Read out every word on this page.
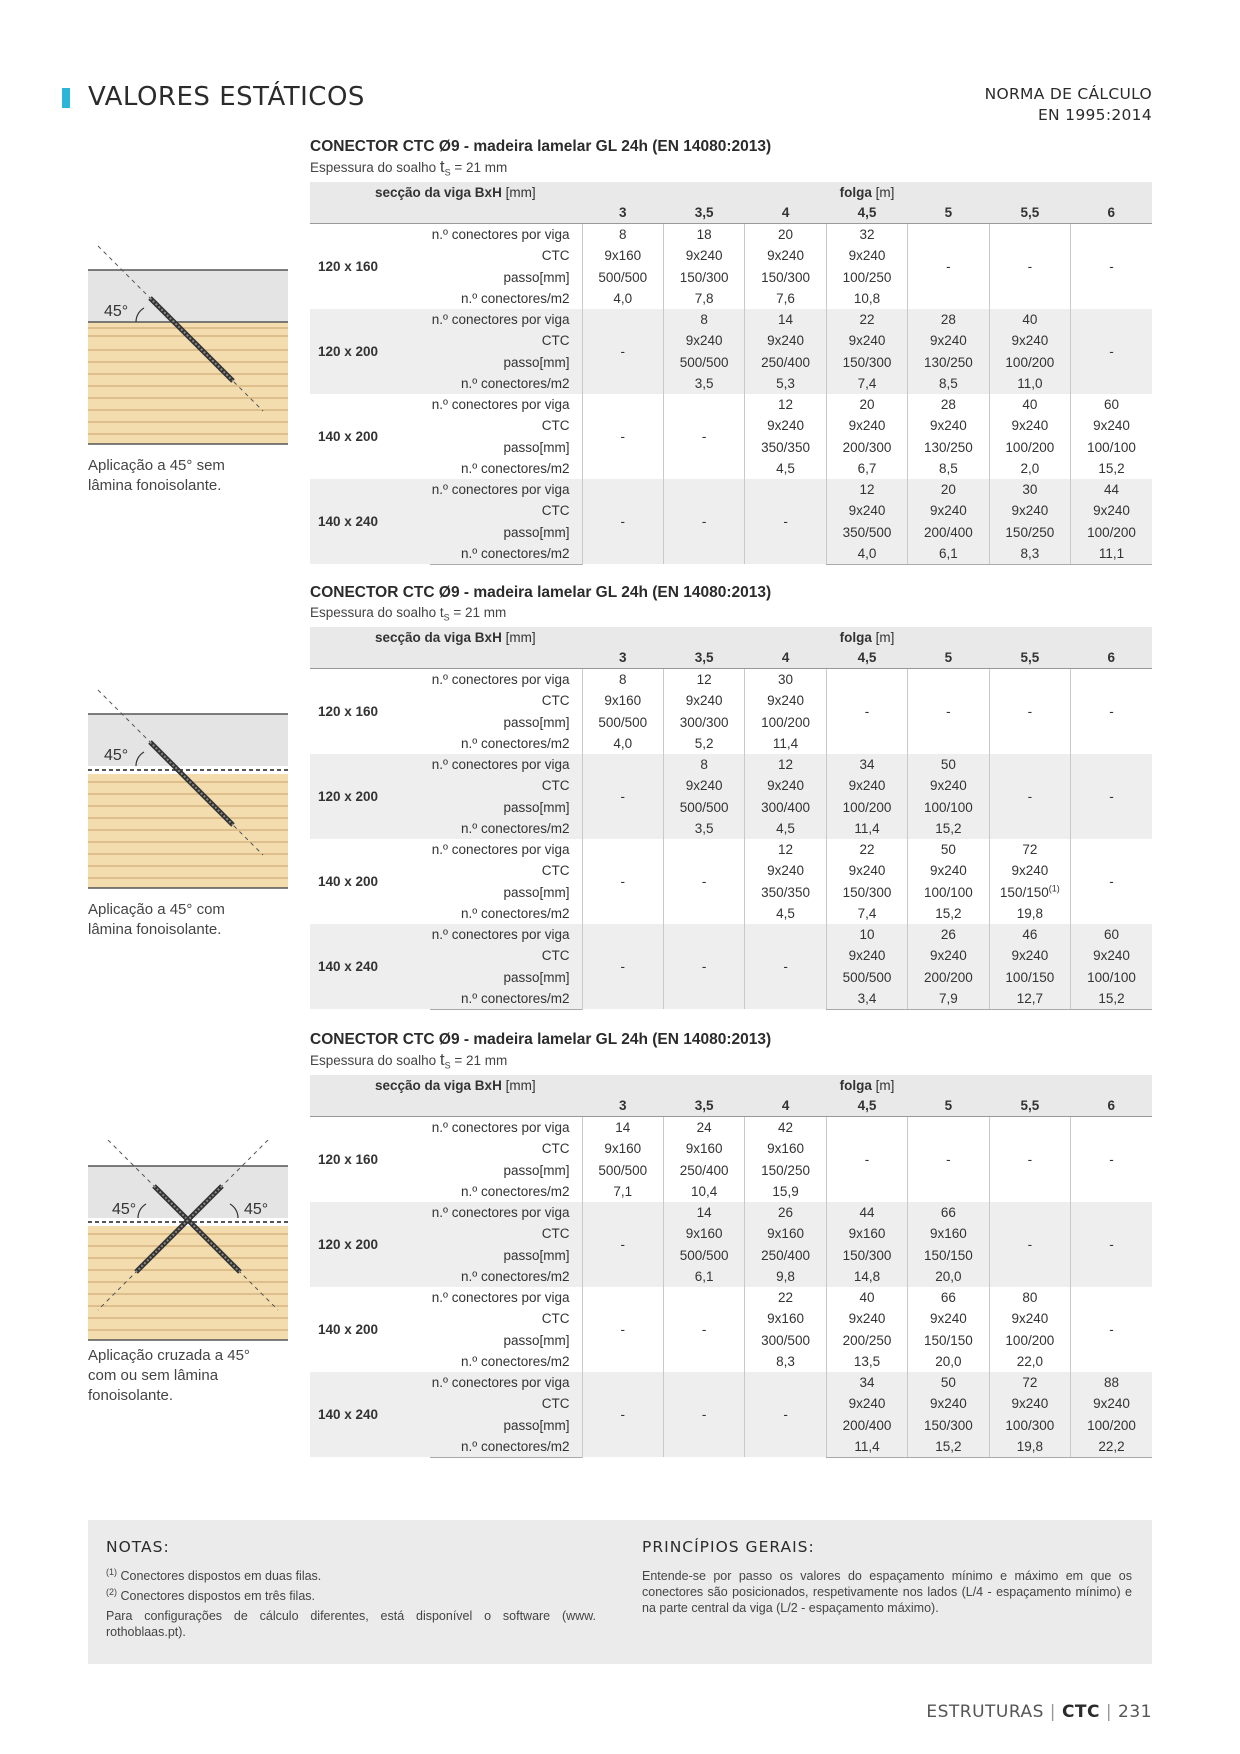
VALORES ESTÁTICOS	NORMA DE CÁLCULO
EN 1995:2014
45°
Aplicação a 45° sem lâmina fonoisolante.
45°
Aplicação a 45° com lâmina fonoisolante.
45°	45°
Aplicação cruzada a 45° com ou sem lâmina fonoisolante.
CONECTOR CTC Ø9 - madeira lamelar GL 24h (EN 14080:2013)
Espessura do soalho $t_S = 21$ mm
secção da viga BxH [mm]		folga [m]						
		3	3,5	4	4,5	5	5,5	6
120 x 160	n.º conectores por viga	8	18	20	32	-	-	-
	CTC	9x160	9x240	9x240	9x240			
	passo[mm]	500/500	150/300	150/300	100/250			
	n.º conectores/m2	4,0	7,8	7,6	10,8			
120 x 200	n.º conectores por viga	-	8	14	22	28	40	-
	CTC		9x240	9x240	9x240	9x240	9x240	
	passo[mm]		500/500	250/400	150/300	130/250	100/200	
	n.º conectores/m2		3,5	5,3	7,4	8,5	11,0	
140 x 200	n.º conectores por viga	-	-	12	20	28	40	60
	CTC			9x240	9x240	9x240	9x240	9x240
	passo[mm]			350/350	200/300	130/250	100/200	100/100
	n.º conectores/m2			4,5	6,7	8,5	2,0	15,2
140 x 240	n.º conectores por viga	-	-	-	12	20	30	44
	CTC				9x240	9x240	9x240	9x240
	passo[mm]				350/500	200/400	150/250	100/200
	n.º conectores/m2				4,0	6,1	8,3	11,1
CONECTOR CTC Ø9 - madeira lamelar GL 24h (EN 14080:2013)
Espessura do soalho $t_S = 21$ mm
secção da viga BxH [mm]		folga [m]						
		3	3,5	4	4,5	5	5,5	6
120 x 160	n.º conectores por viga	8	12	30	-	-	-	-
	CTC	9x160	9x240	9x240				
	passo[mm]	500/500	300/300	100/200				
	n.º conectores/m2	4,0	5,2	11,4				
120 x 200	n.º conectores por viga	-	8	12	34	50	-	-
	CTC		9x240	9x240	9x240	9x240		
	passo[mm]		500/500	300/400	100/200	100/100		
	n.º conectores/m2		3,5	4,5	11,4	15,2		
140 x 200	n.º conectores por viga	-	-	12	22	50	72	-
	CTC			9x240	9x240	9x240	9x240	
	passo[mm]			350/350	150/300	100/100	150/150$^{(1)}$
	n.º conectores/m2			4,5	7,4	15,2	19,8	
140 x 240	n.º conectores por viga	-	-	-	10	26	46	60
	CTC				9x240	9x240	9x240	9x240
	passo[mm]				500/500	200/200	100/150	100/100
	n.º conectores/m2				3,4	7,9	12,7	15,2
CONECTOR CTC Ø9 - madeira lamelar GL 24h (EN 14080:2013)
Espessura do soalho $t_S = 21$ mm
secção da viga BxH [mm]		folga [m]						
		3	3,5	4	4,5	5	5,5	6
120 x 160	n.º conectores por viga	14	24	42	-	-	-	-
	CTC	9x160	9x160	9x160				
	passo[mm]	500/500	250/400	150/250				
	n.º conectores/m2	7,1	10,4	15,9				
120 x 200	n.º conectores por viga	-	14	26	44	66	-	-
	CTC		9x160	9x160	9x160	9x160		
	passo[mm]		500/500	250/400	150/300	150/150		
	n.º conectores/m2		6,1	9,8	14,8	20,0		
140 x 200	n.º conectores por viga	-	-	22	40	66	80	-
	CTC			9x160	9x240	9x240	9x240	
	passo[mm]			300/500	200/250	150/150	100/200	
	n.º conectores/m2			8,3	13,5	20,0	22,0	
140 x 240	n.º conectores por viga	-	-	-	34	50	72	88
	CTC				9x240	9x240	9x240	9x240
	passo[mm]				200/400	150/300	100/300	100/200
	n.º conectores/m2				11,4	15,2	19,8	22,2
NOTAS:

$^{(1)}$ Conectores dispostos em duas filas.

$^{(2)}$ Conectores dispostos em três filas.

Para configurações de cálculo diferentes, está disponível o software (www. rothoblaas.pt).

PRINCÍPIOS GERAIS:

Entende-se por passo os valores do espaçamento mínimo e máximo em que os conectores são posicionados, respetivamente nos lados (L/4 - espaçamento mínimo) e na parte central da viga (L/2 - espaçamento máximo).

ESTRUTURAS | CTC | 231
